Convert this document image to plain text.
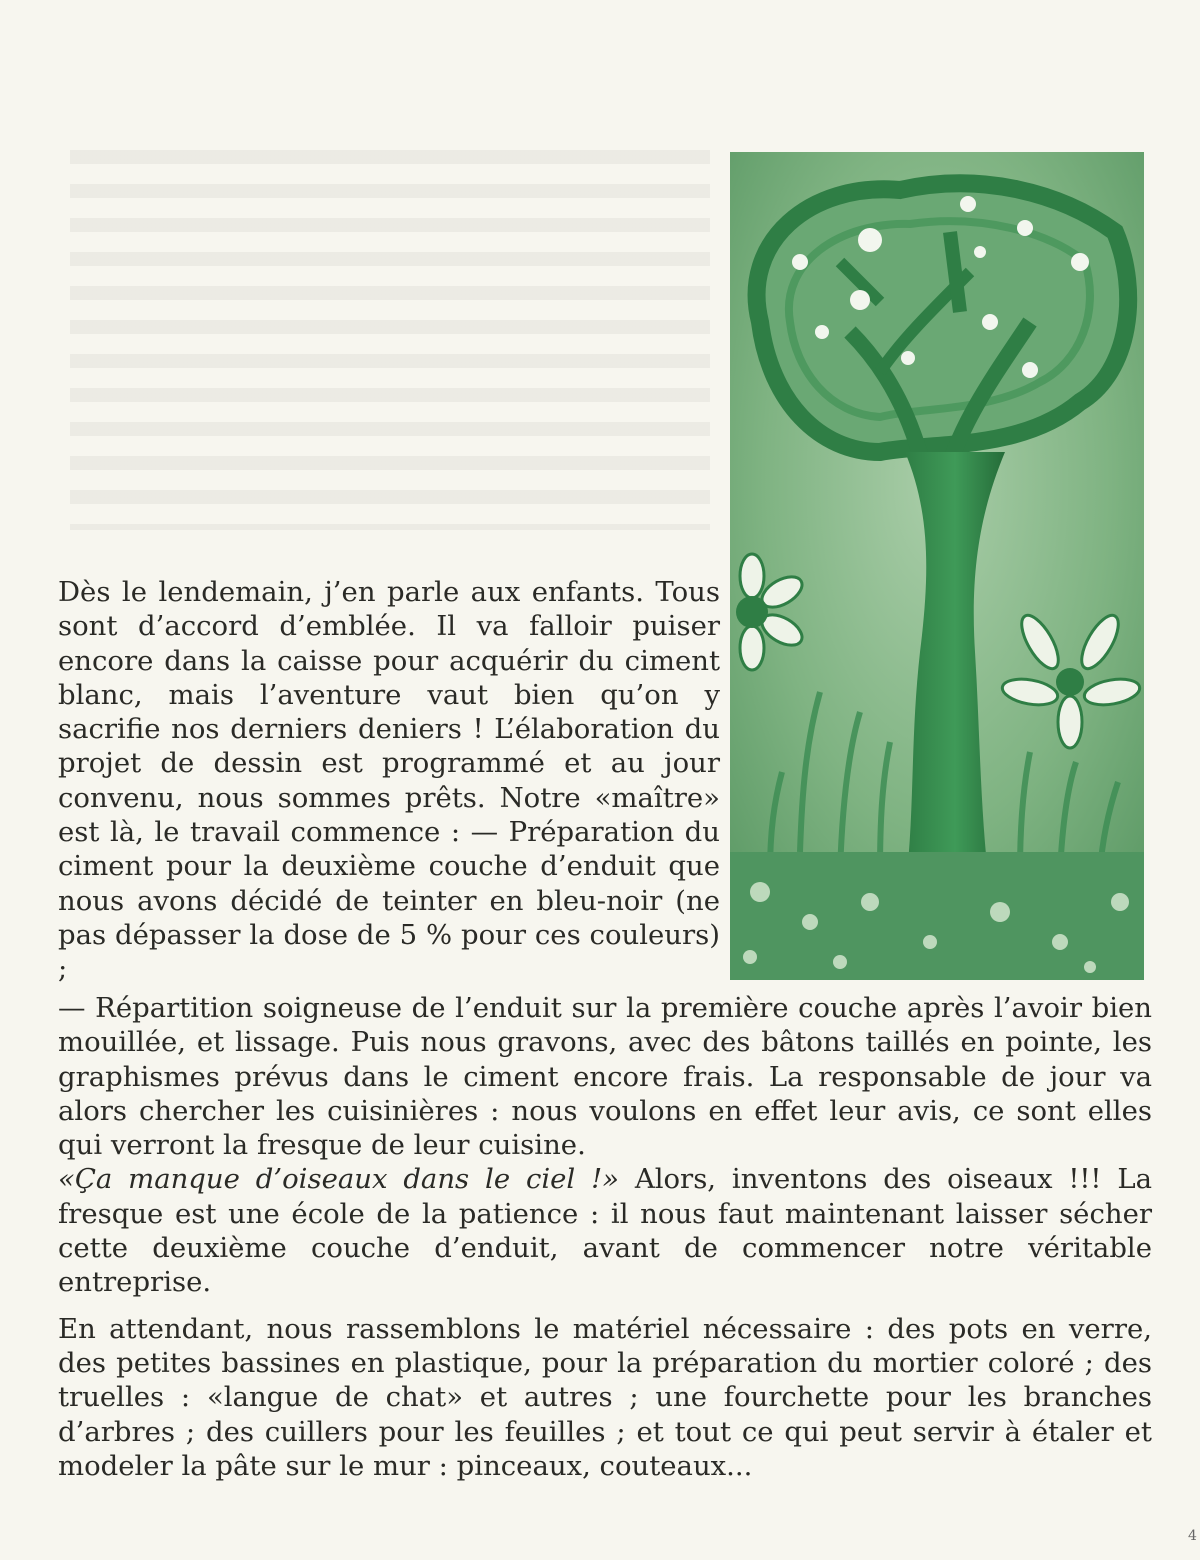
Dès le lendemain, j’en parle aux enfants. Tous sont d’accord d’emblée. Il va falloir puiser encore dans la caisse pour acquérir du ciment blanc, mais l’aventure vaut bien qu’on y sacrifie nos derniers deniers ! L’élaboration du projet de dessin est programmé et au jour convenu, nous sommes prêts. Notre «maître» est là, le travail commence : — Préparation du ciment pour la deuxième couche d’enduit que nous avons décidé de teinter en bleu-noir (ne pas dépasser la dose de 5 % pour ces couleurs) ;

— Répartition soigneuse de l’enduit sur la première couche après l’avoir bien mouillée, et lissage. Puis nous gravons, avec des bâtons taillés en pointe, les graphismes prévus dans le ciment encore frais. La responsable de jour va alors chercher les cuisinières : nous voulons en effet leur avis, ce sont elles qui verront la fresque de leur cuisine.

«Ça manque d’oiseaux dans le ciel !» Alors, inventons des oiseaux !!! La fresque est une école de la patience : il nous faut maintenant laisser sécher cette deuxième couche d’enduit, avant de commencer notre véritable entreprise.

En attendant, nous rassemblons le matériel nécessaire : des pots en verre, des petites bassines en plastique, pour la préparation du mortier coloré ; des truelles : «langue de chat» et autres ; une fourchette pour les branches d’arbres ; des cuillers pour les feuilles ; et tout ce qui peut servir à étaler et modeler la pâte sur le mur : pinceaux, couteaux...

4
